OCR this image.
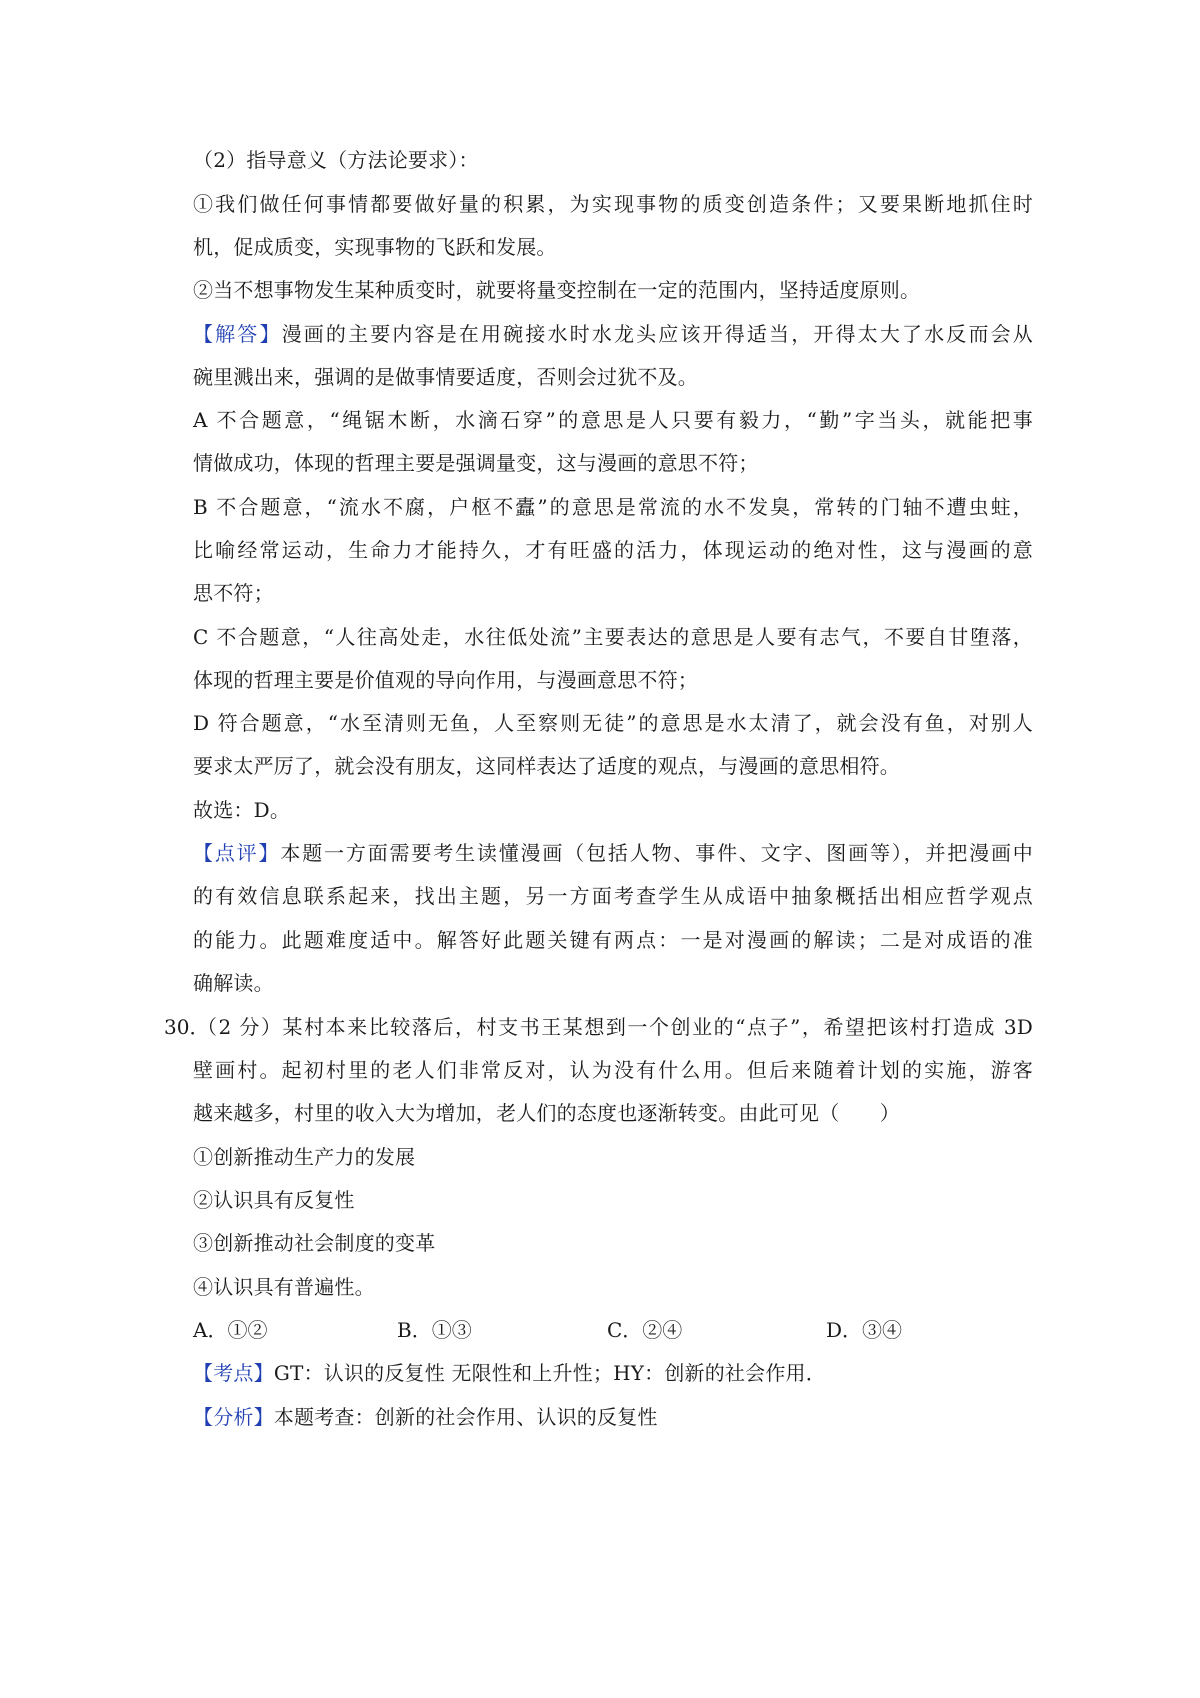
（2）指导意义（方法论要求）：
①我们做任何事情都要做好量的积累，为实现事物的质变创造条件；又要果断地抓住时
机，促成质变，实现事物的飞跃和发展。
②当不想事物发生某种质变时，就要将量变控制在一定的范围内，坚持适度原则。
【解答】漫画的主要内容是在用碗接水时水龙头应该开得适当，开得太大了水反而会从
碗里溅出来，强调的是做事情要适度，否则会过犹不及。
A 不合题意，“绳锯木断，水滴石穿”的意思是人只要有毅力，“勤”字当头，就能把事
情做成功，体现的哲理主要是强调量变，这与漫画的意思不符；
B 不合题意，“流水不腐，户枢不蠹”的意思是常流的水不发臭，常转的门轴不遭虫蛀，
比喻经常运动，生命力才能持久，才有旺盛的活力，体现运动的绝对性，这与漫画的意
思不符；
C 不合题意，“人往高处走，水往低处流”主要表达的意思是人要有志气，不要自甘堕落，
体现的哲理主要是价值观的导向作用，与漫画意思不符；
D 符合题意，“水至清则无鱼，人至察则无徒”的意思是水太清了，就会没有鱼，对别人
要求太严厉了，就会没有朋友，这同样表达了适度的观点，与漫画的意思相符。
故选：D。
【点评】本题一方面需要考生读懂漫画（包括人物、事件、文字、图画等），并把漫画中
的有效信息联系起来，找出主题，另一方面考查学生从成语中抽象概括出相应哲学观点
的能力。此题难度适中。解答好此题关键有两点：一是对漫画的解读；二是对成语的准
确解读。
30．
（2 分）某村本来比较落后，村支书王某想到一个创业的“点子”，希望把该村打造成 3D
壁画村。起初村里的老人们非常反对，认为没有什么用。但后来随着计划的实施，游客
越来越多，村里的收入大为增加，老人们的态度也逐渐转变。由此可见（　　）
①创新推动生产力的发展
②认识具有反复性
③创新推动社会制度的变革
④认识具有普遍性。
A．①②	B．①③	C．②④	D．③④
【考点】GT：认识的反复性 无限性和上升性；HY：创新的社会作用．
【分析】本题考查：创新的社会作用、认识的反复性
